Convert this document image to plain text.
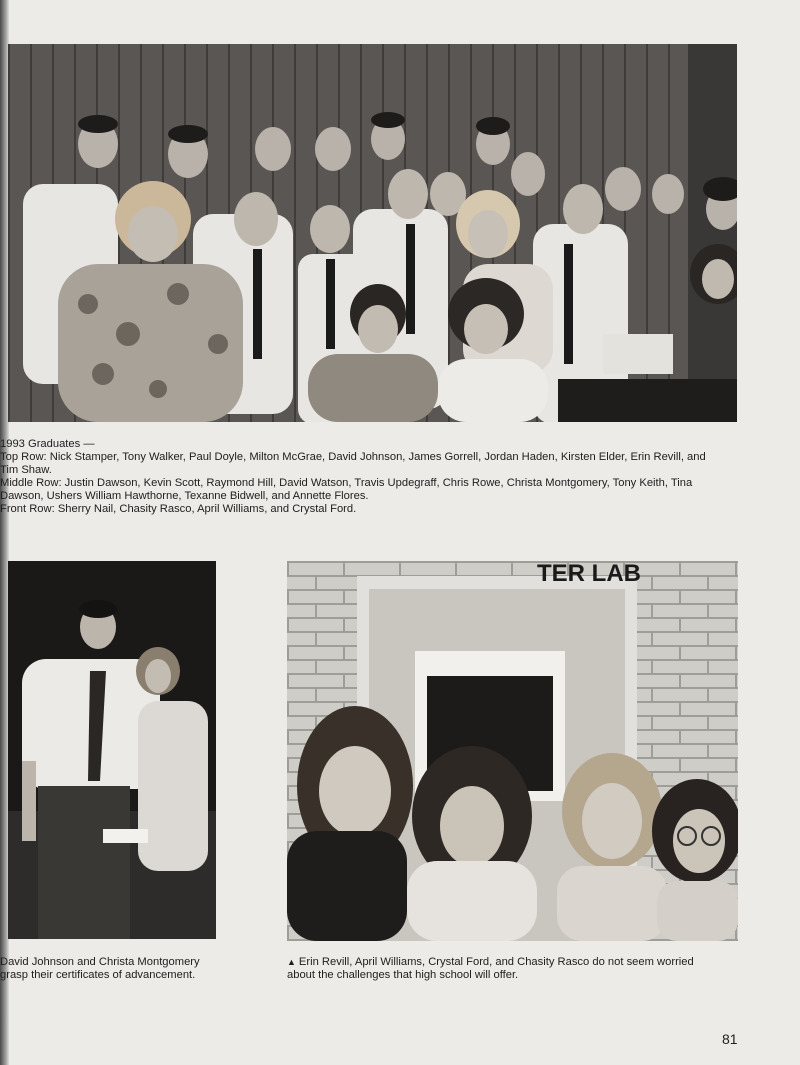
1993 Graduates —

Top Row: Nick Stamper, Tony Walker, Paul Doyle, Milton McGrae, David Johnson, James Gorrell, Jordan Haden, Kirsten Elder, Erin Revill, and

Tim Shaw.

Middle Row: Justin Dawson, Kevin Scott, Raymond Hill, David Watson, Travis Updegraff, Chris Rowe, Christa Montgomery, Tony Keith, Tina

Dawson, Ushers William Hawthorne, Texanne Bidwell, and Annette Flores.

Front Row: Sherry Nail, Chasity Rasco, April Williams, and Crystal Ford.

David Johnson and Christa Montgomery

grasp their certificates of advancement.

TER LAB

▲ Erin Revill, April Williams, Crystal Ford, and Chasity Rasco do not seem worried

about the challenges that high school will offer.

81
